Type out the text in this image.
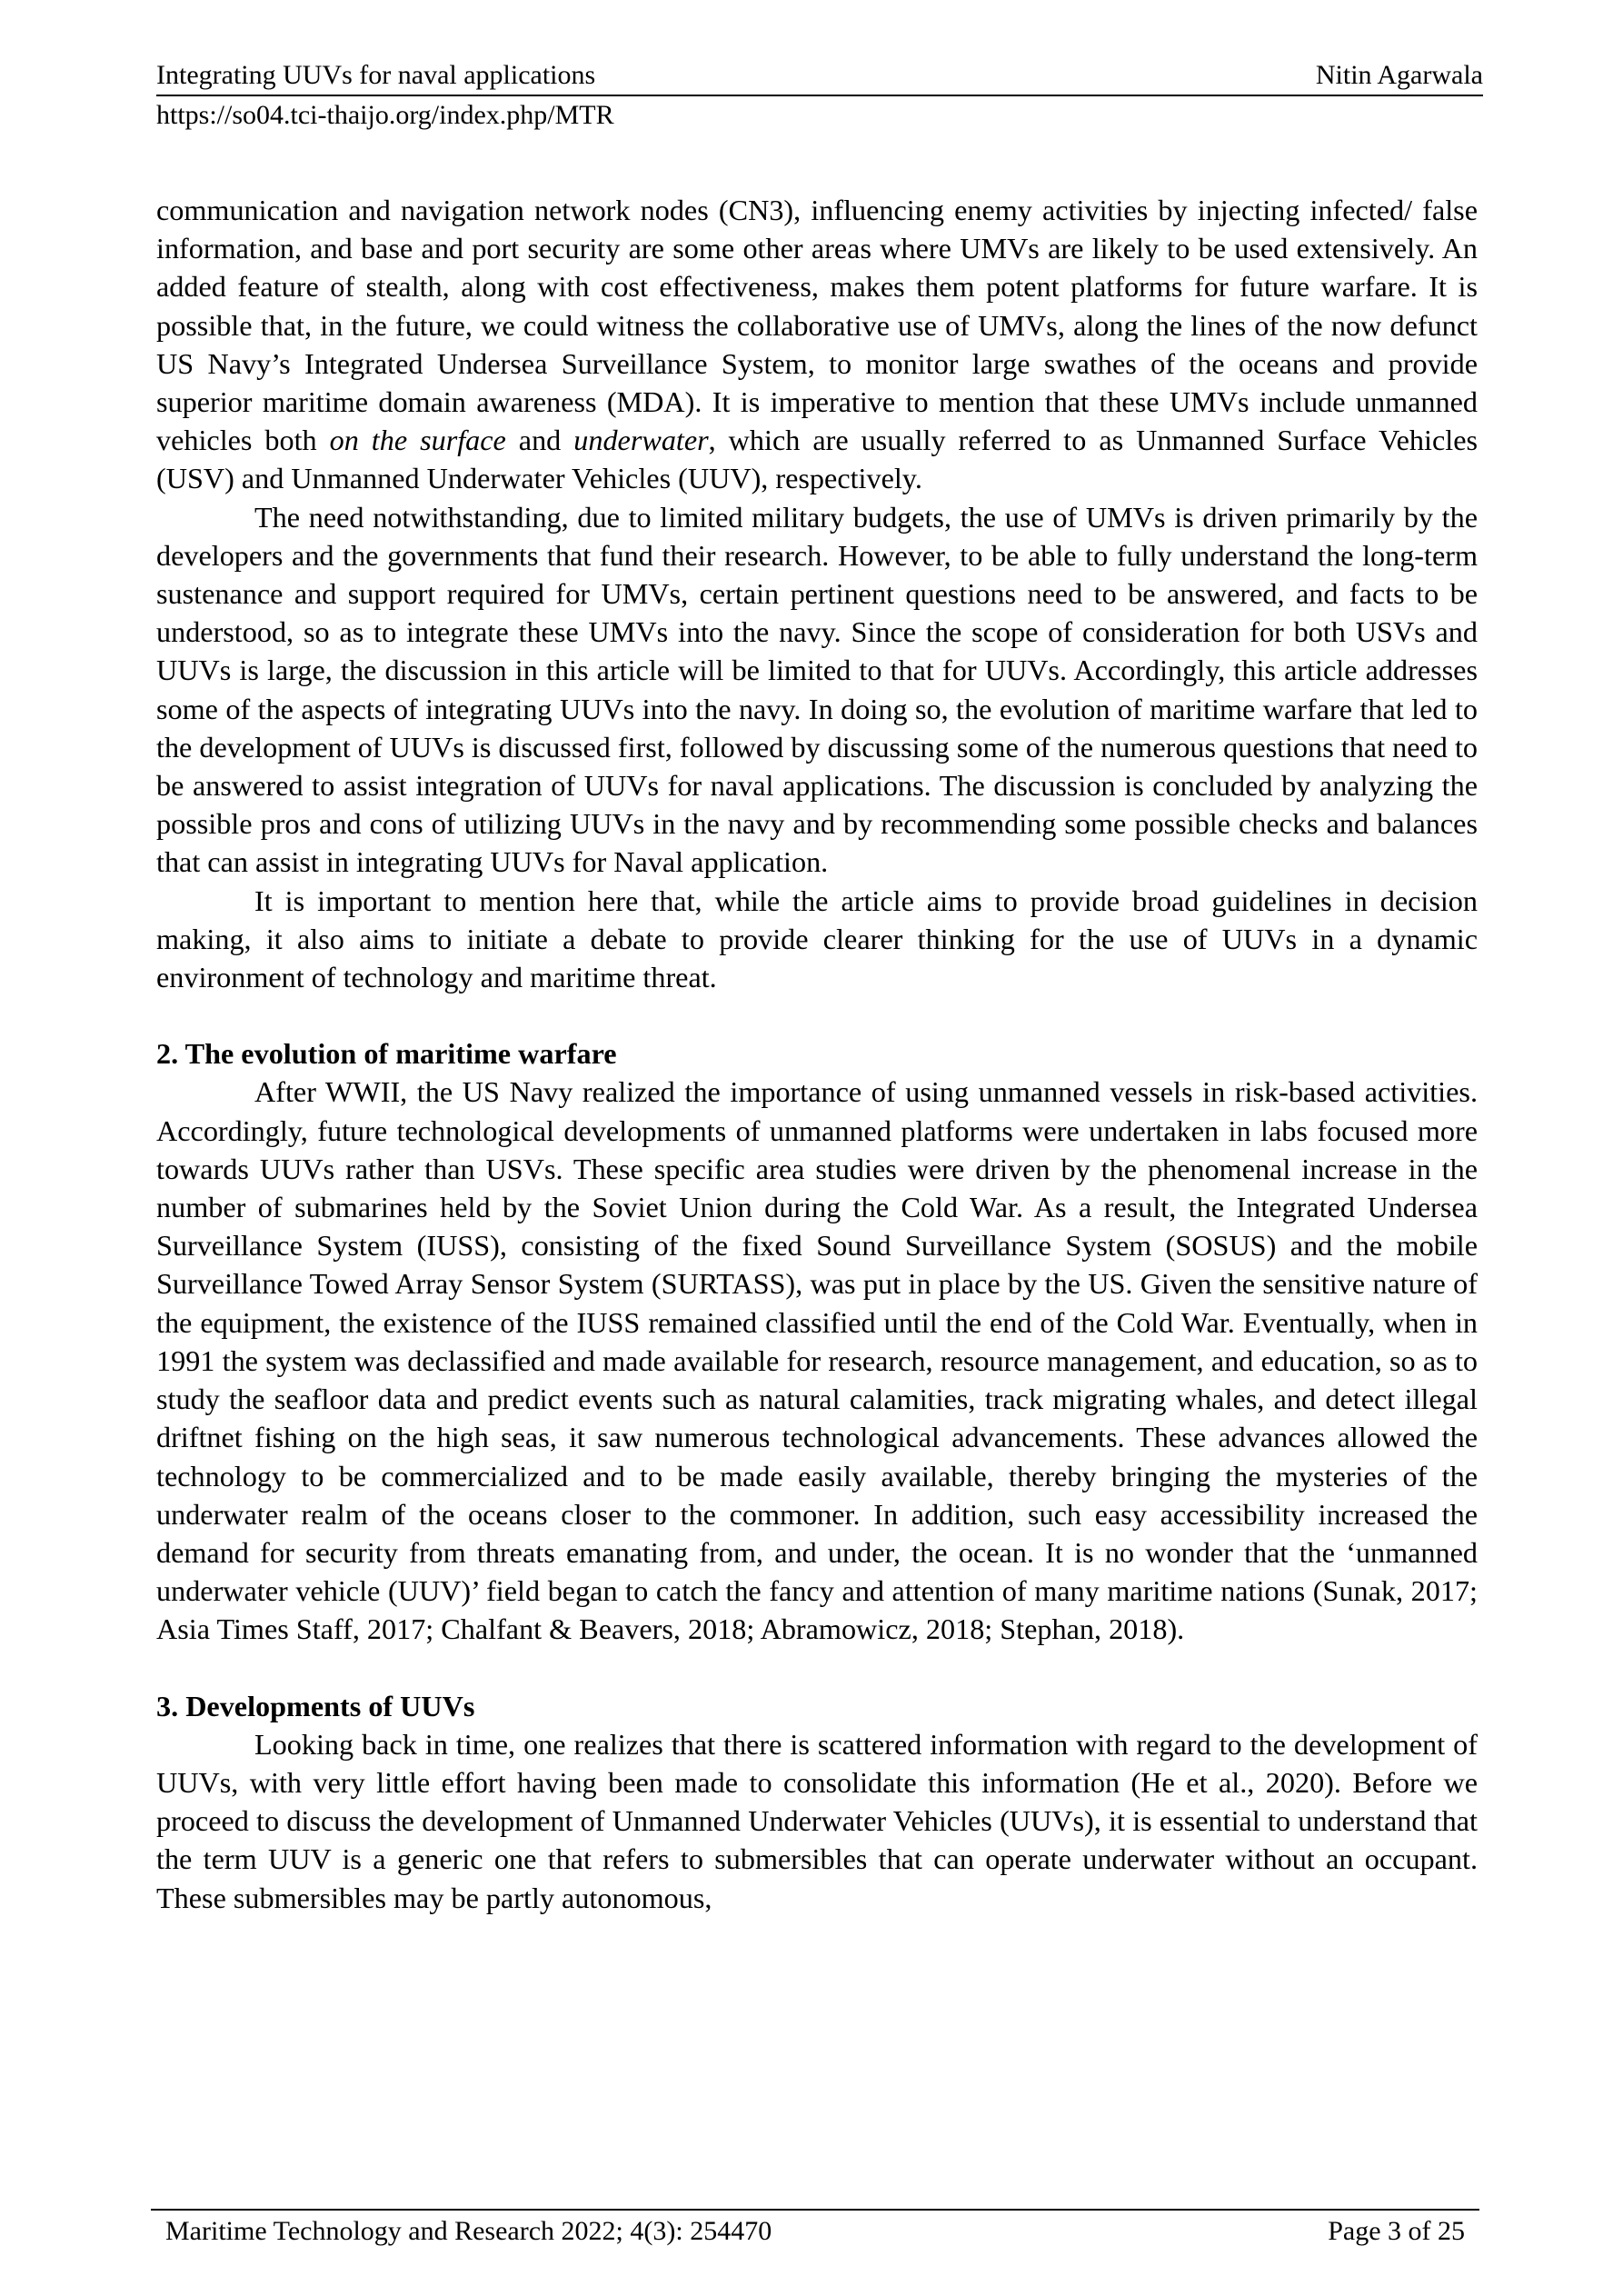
Integrating UUVs for naval applications	Nitin Agarwala
https://so04.tci-thaijo.org/index.php/MTR

communication and navigation network nodes (CN3), influencing enemy activities by injecting infected/ false information, and base and port security are some other areas where UMVs are likely to be used extensively. An added feature of stealth, along with cost effectiveness, makes them potent platforms for future warfare. It is possible that, in the future, we could witness the collaborative use of UMVs, along the lines of the now defunct US Navy’s Integrated Undersea Surveillance System, to monitor large swathes of the oceans and provide superior maritime domain awareness (MDA). It is imperative to mention that these UMVs include unmanned vehicles both on the surface and underwater, which are usually referred to as Unmanned Surface Vehicles (USV) and Unmanned Underwater Vehicles (UUV), respectively.

The need notwithstanding, due to limited military budgets, the use of UMVs is driven primarily by the developers and the governments that fund their research. However, to be able to fully understand the long-term sustenance and support required for UMVs, certain pertinent questions need to be answered, and facts to be understood, so as to integrate these UMVs into the navy. Since the scope of consideration for both USVs and UUVs is large, the discussion in this article will be limited to that for UUVs. Accordingly, this article addresses some of the aspects of integrating UUVs into the navy. In doing so, the evolution of maritime warfare that led to the development of UUVs is discussed first, followed by discussing some of the numerous questions that need to be answered to assist integration of UUVs for naval applications. The discussion is concluded by analyzing the possible pros and cons of utilizing UUVs in the navy and by recommending some possible checks and balances that can assist in integrating UUVs for Naval application.

It is important to mention here that, while the article aims to provide broad guidelines in decision making, it also aims to initiate a debate to provide clearer thinking for the use of UUVs in a dynamic environment of technology and maritime threat.

2. The evolution of maritime warfare

After WWII, the US Navy realized the importance of using unmanned vessels in risk-based activities. Accordingly, future technological developments of unmanned platforms were undertaken in labs focused more towards UUVs rather than USVs. These specific area studies were driven by the phenomenal increase in the number of submarines held by the Soviet Union during the Cold War. As a result, the Integrated Undersea Surveillance System (IUSS), consisting of the fixed Sound Surveillance System (SOSUS) and the mobile Surveillance Towed Array Sensor System (SURTASS), was put in place by the US. Given the sensitive nature of the equipment, the existence of the IUSS remained classified until the end of the Cold War. Eventually, when in 1991 the system was declassified and made available for research, resource management, and education, so as to study the seafloor data and predict events such as natural calamities, track migrating whales, and detect illegal driftnet fishing on the high seas, it saw numerous technological advancements. These advances allowed the technology to be commercialized and to be made easily available, thereby bringing the mysteries of the underwater realm of the oceans closer to the commoner. In addition, such easy accessibility increased the demand for security from threats emanating from, and under, the ocean. It is no wonder that the ‘unmanned underwater vehicle (UUV)’ field began to catch the fancy and attention of many maritime nations (Sunak, 2017; Asia Times Staff, 2017; Chalfant & Beavers, 2018; Abramowicz, 2018; Stephan, 2018).

3. Developments of UUVs

Looking back in time, one realizes that there is scattered information with regard to the development of UUVs, with very little effort having been made to consolidate this information (He et al., 2020). Before we proceed to discuss the development of Unmanned Underwater Vehicles (UUVs), it is essential to understand that the term UUV is a generic one that refers to submersibles that can operate underwater without an occupant. These submersibles may be partly autonomous,

Maritime Technology and Research 2022; 4(3): 254470	Page 3 of 25
